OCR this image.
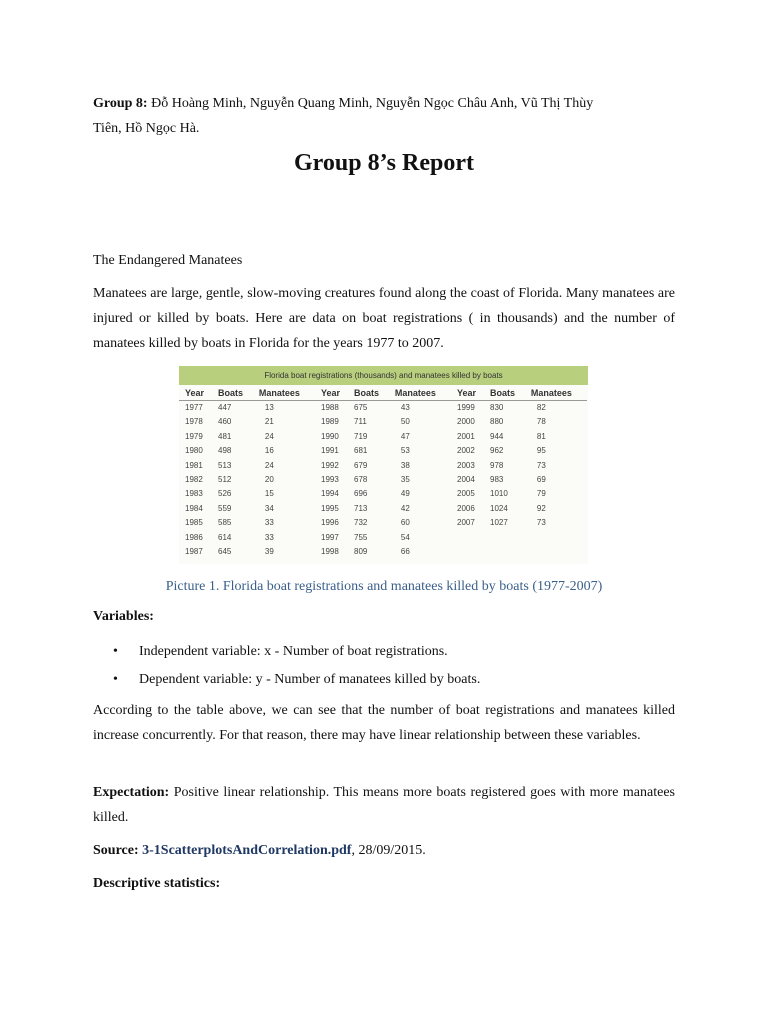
Group 8: Đỗ Hoàng Minh, Nguyễn Quang Minh, Nguyễn Ngọc Châu Anh, Vũ Thị Thùy
Tiên, Hồ Ngọc Hà.

Group 8’s Report

The Endangered Manatees

Manatees are large, gentle, slow-moving creatures found along the coast of Florida. Many manatees are injured or killed by boats. Here are data on boat registrations ( in thousands) and the number of manatees killed by boats in Florida for the years 1977 to 2007.

Florida boat registrations (thousands) and manatees killed by boats
Year	Boats	Manatees
1977	447	13
1978	460	21
1979	481	24
1980	498	16
1981	513	24
1982	512	20
1983	526	15
1984	559	34
1985	585	33
1986	614	33
1987	645	39
Year	Boats	Manatees
1988	675	43
1989	711	50
1990	719	47
1991	681	53
1992	679	38
1993	678	35
1994	696	49
1995	713	42
1996	732	60
1997	755	54
1998	809	66
Year	Boats	Manatees
1999	830	82
2000	880	78
2001	944	81
2002	962	95
2003	978	73
2004	983	69
2005	1010	79
2006	1024	92
2007	1027	73
Picture 1. Florida boat registrations and manatees killed by boats (1977-2007)

Variables:

• Independent variable: x - Number of boat registrations.
• Dependent variable: y - Number of manatees killed by boats.

According to the table above, we can see that the number of boat registrations and manatees killed increase concurrently. For that reason, there may have linear relationship between these variables.

Expectation: Positive linear relationship. This means more boats registered goes with more manatees killed.

Source: 3-1ScatterplotsAndCorrelation.pdf, 28/09/2015.

Descriptive statistics:
